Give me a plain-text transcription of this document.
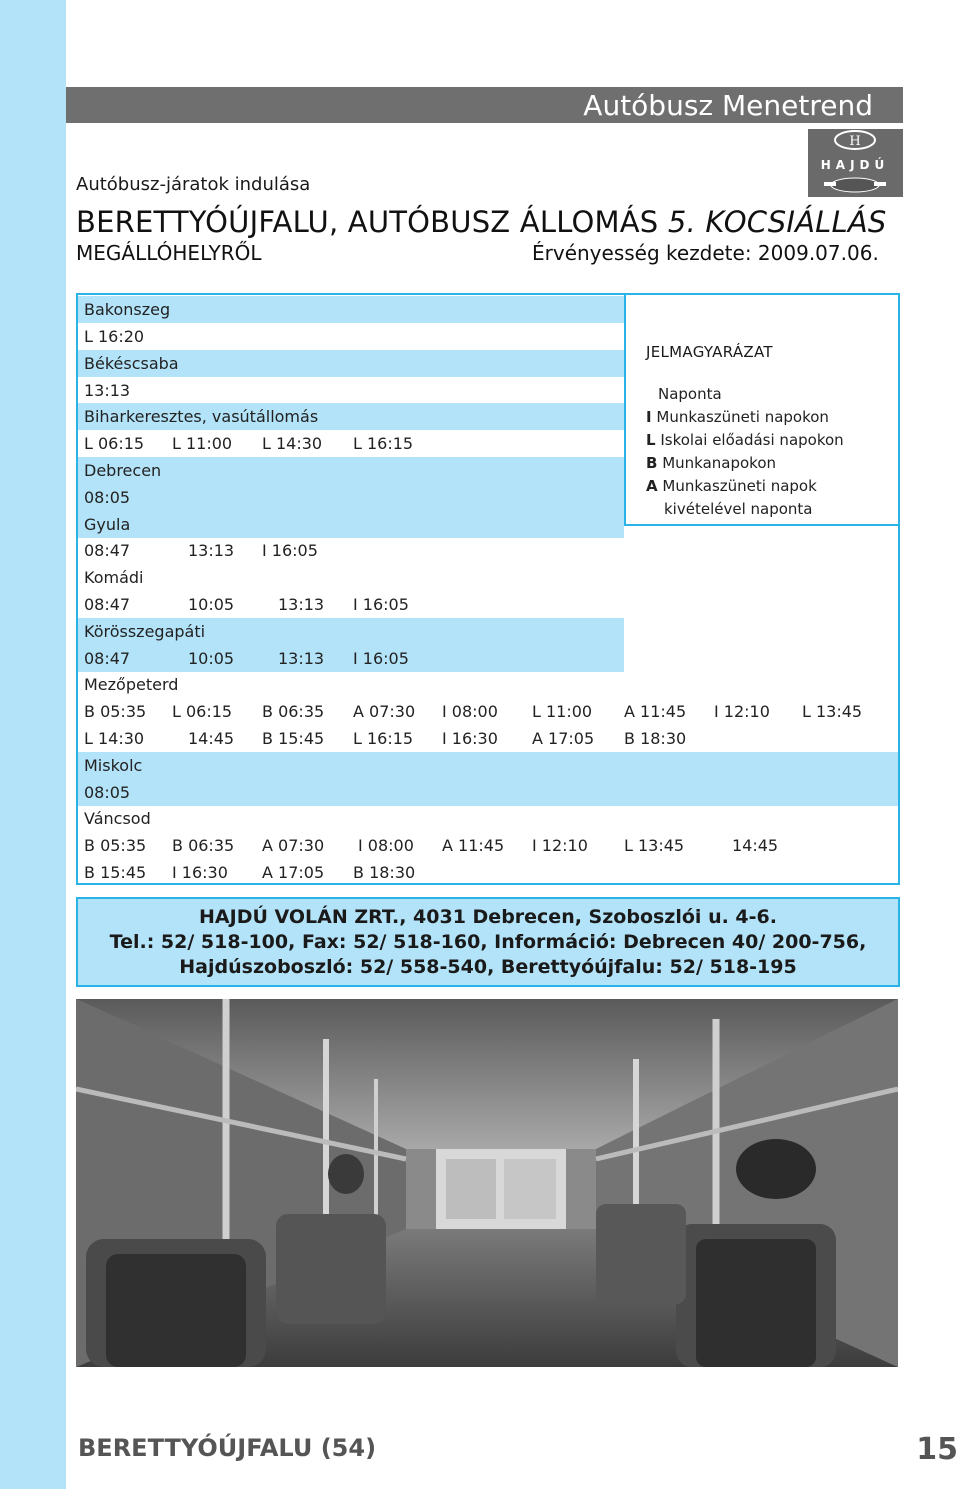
Autóbusz Menetrend
H
HAJDÚ
Autóbusz-járatok indulása
BERETTYÓÚJFALU, AUTÓBUSZ ÁLLOMÁS 5. KOCSIÁLLÁS
MEGÁLLÓHELYRŐL	Érvényesség kezdete: 2009.07.06.
Bakonszeg
L 16:20
Békéscsaba
13:13
Biharkeresztes, vasútállomás
L 06:15 L 11:00 L 14:30 L 16:15
Debrecen
08:05
Gyula
08:47	13:13 I 16:05
Komádi
08:47	10:05	13:13 I 16:05
Körösszegapáti
08:47	10:05	13:13 I 16:05
Mezőpeterd
B 05:35 L 06:15 B 06:35 A 07:30 I 08:00 L 11:00 A 11:45 I 12:10 L 13:45
L 14:30	14:45 B 15:45 L 16:15 I 16:30 A 17:05 B 18:30
Miskolc
08:05
Váncsod
B 05:35 B 06:35 A 07:30 I 08:00 A 11:45 I 12:10 L 13:45	14:45
B 15:45 I 16:30 A 17:05 B 18:30
JELMAGYARÁZAT
Naponta
I Munkaszüneti napokon
L Iskolai előadási napokon
B Munkanapokon
A Munkaszüneti napok
kivételével naponta
HAJDÚ VOLÁN ZRT., 4031 Debrecen, Szoboszlói u. 4-6.
Tel.: 52/ 518-100, Fax: 52/ 518-160, Információ: Debrecen 40/ 200-756,
Hajdúszoboszló: 52/ 558-540, Berettyóújfalu: 52/ 518-195
BERETTYÓÚJFALU (54)	15
